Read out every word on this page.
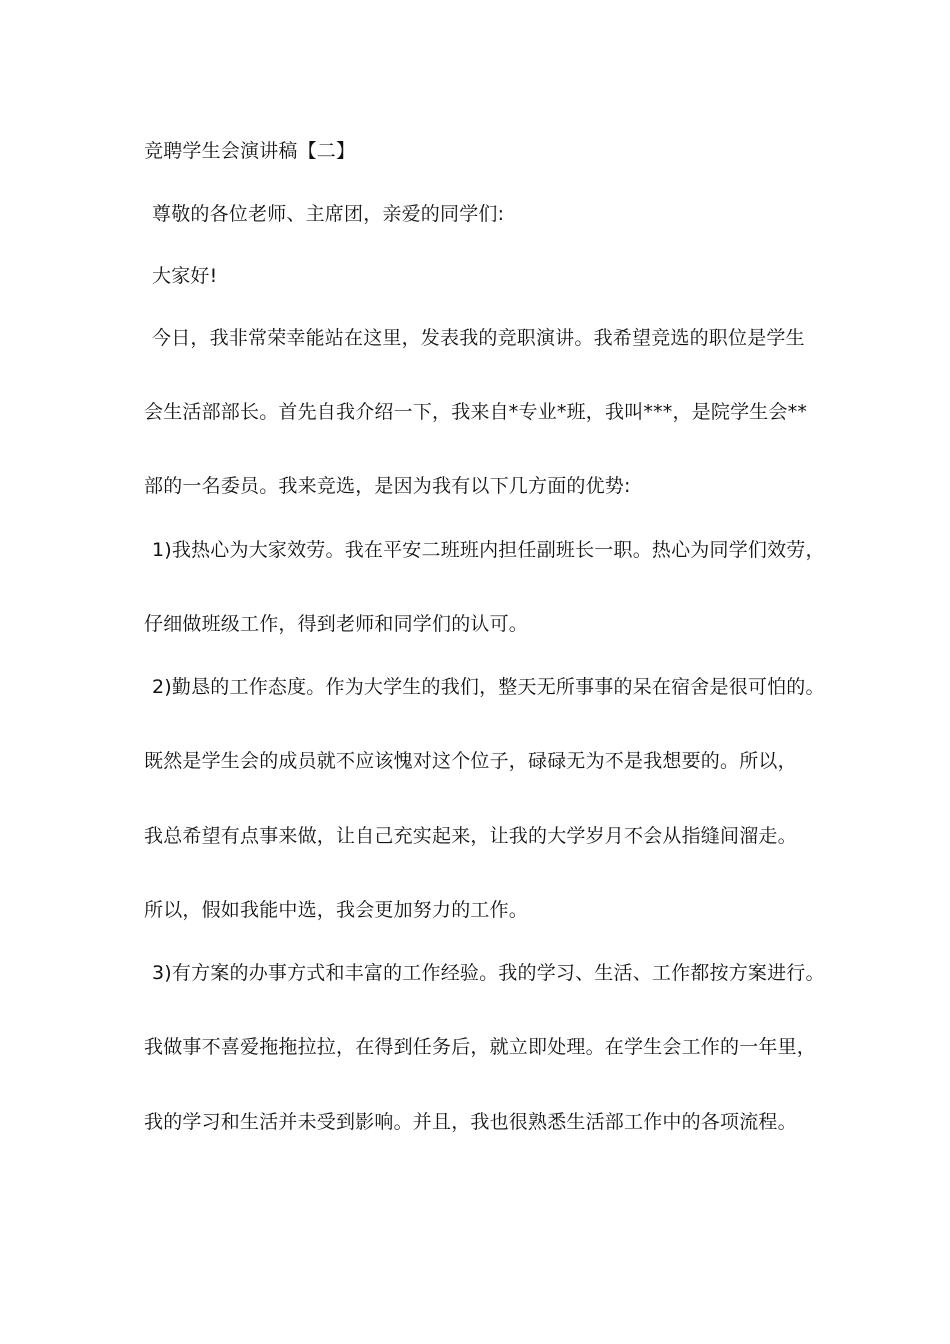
竞聘学生会演讲稿【二】
尊敬的各位老师、主席团，亲爱的同学们:
大家好!
今日，我非常荣幸能站在这里，发表我的竞职演讲。我希望竞选的职位是学生
会生活部部长。首先自我介绍一下，我来自*专业*班，我叫***，是院学生会**
部的一名委员。我来竞选，是因为我有以下几方面的优势:
1)我热心为大家效劳。我在平安二班班内担任副班长一职。热心为同学们效劳，
仔细做班级工作，得到老师和同学们的认可。
2)勤恳的工作态度。作为大学生的我们，整天无所事事的呆在宿舍是很可怕的。
既然是学生会的成员就不应该愧对这个位子，碌碌无为不是我想要的。所以，
我总希望有点事来做，让自己充实起来，让我的大学岁月不会从指缝间溜走。
所以，假如我能中选，我会更加努力的工作。
3)有方案的办事方式和丰富的工作经验。我的学习、生活、工作都按方案进行。
我做事不喜爱拖拖拉拉，在得到任务后，就立即处理。在学生会工作的一年里，
我的学习和生活并未受到影响。并且，我也很熟悉生活部工作中的各项流程。
